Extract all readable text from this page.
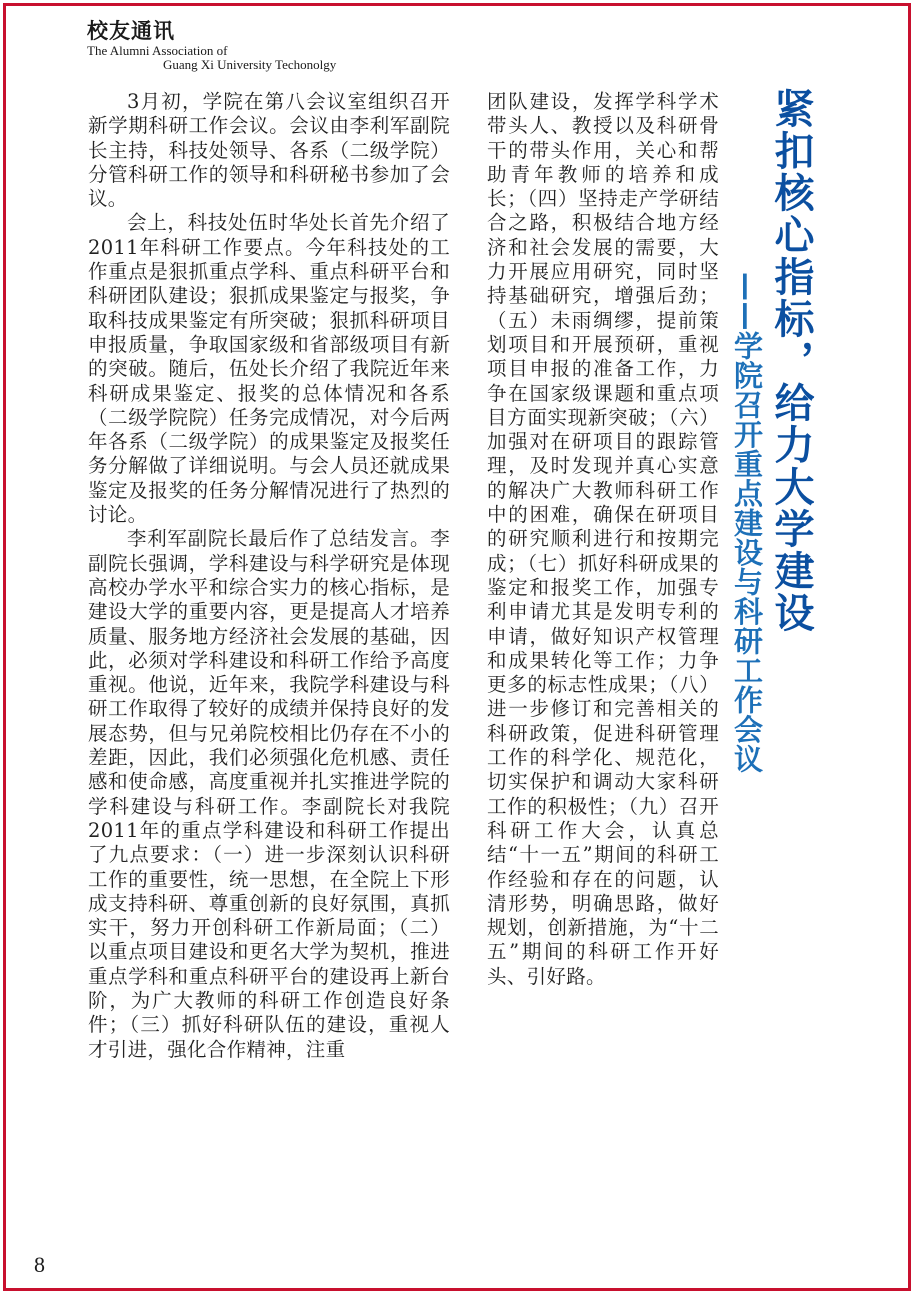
校友通讯
The Alumni Association of
Guang Xi University Techonolgy

3月初，学院在第八会议室组织召开新学期科研工作会议。会议由李利军副院长主持，科技处领导、各系（二级学院）分管科研工作的领导和科研秘书参加了会议。

会上，科技处伍时华处长首先介绍了2011年科研工作要点。今年科技处的工作重点是狠抓重点学科、重点科研平台和科研团队建设；狠抓成果鉴定与报奖，争取科技成果鉴定有所突破；狠抓科研项目申报质量，争取国家级和省部级项目有新的突破。随后，伍处长介绍了我院近年来科研成果鉴定、报奖的总体情况和各系（二级学院院）任务完成情况，对今后两年各系（二级学院）的成果鉴定及报奖任务分解做了详细说明。与会人员还就成果鉴定及报奖的任务分解情况进行了热烈的讨论。

李利军副院长最后作了总结发言。李副院长强调，学科建设与科学研究是体现高校办学水平和综合实力的核心指标，是建设大学的重要内容，更是提高人才培养质量、服务地方经济社会发展的基础，因此，必须对学科建设和科研工作给予高度重视。他说，近年来，我院学科建设与科研工作取得了较好的成绩并保持良好的发展态势，但与兄弟院校相比仍存在不小的差距，因此，我们必须强化危机感、责任感和使命感，高度重视并扎实推进学院的学科建设与科研工作。李副院长对我院2011年的重点学科建设和科研工作提出了九点要求：（一）进一步深刻认识科研工作的重要性，统一思想，在全院上下形成支持科研、尊重创新的良好氛围，真抓实干，努力开创科研工作新局面；（二）以重点项目建设和更名大学为契机，推进重点学科和重点科研平台的建设再上新台阶，为广大教师的科研工作创造良好条件；（三）抓好科研队伍的建设，重视人才引进，强化合作精神，注重

团队建设，发挥学科学术带头人、教授以及科研骨干的带头作用，关心和帮助青年教师的培养和成长；（四）坚持走产学研结合之路，积极结合地方经济和社会发展的需要，大力开展应用研究，同时坚持基础研究，增强后劲；（五）未雨绸缪，提前策划项目和开展预研，重视项目申报的准备工作，力争在国家级课题和重点项目方面实现新突破；（六）加强对在研项目的跟踪管理，及时发现并真心实意的解决广大教师科研工作中的困难，确保在研项目的研究顺利进行和按期完成；（七）抓好科研成果的鉴定和报奖工作，加强专利申请尤其是发明专利的申请，做好知识产权管理和成果转化等工作；力争更多的标志性成果；（八）进一步修订和完善相关的科研政策，促进科研管理工作的科学化、规范化，切实保护和调动大家科研工作的积极性；（九）召开科研工作大会，认真总结“十一五”期间的科研工作经验和存在的问题，认清形势，明确思路，做好规划，创新措施，为“十二五”期间的科研工作开好头、引好路。

紧扣核心指标，给力大学建设
——学院召开重点建设与科研工作会议
8
